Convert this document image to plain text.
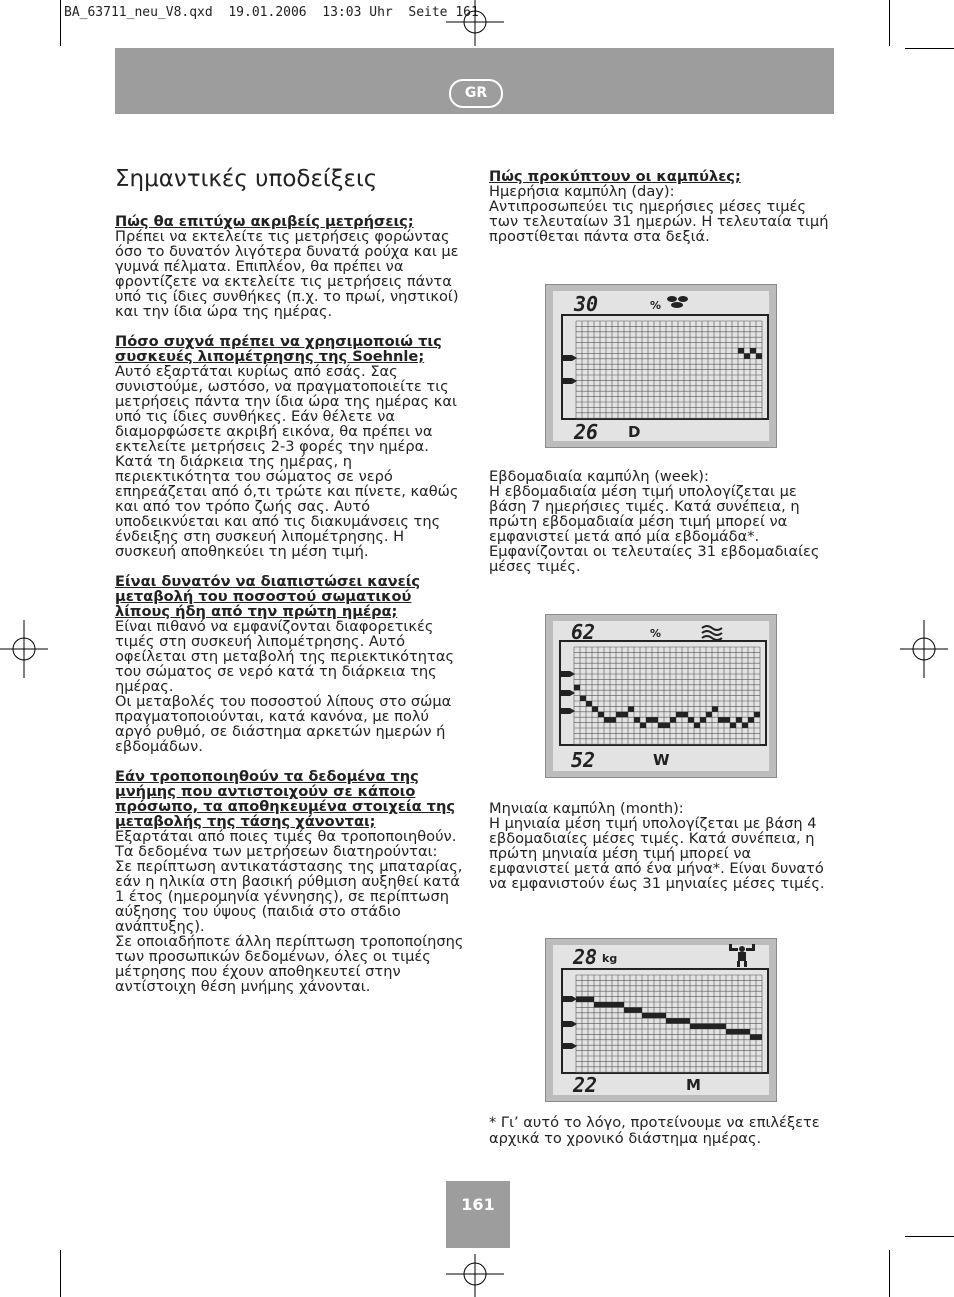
BA_63711_neu_V8.qxd  19.01.2006  13:03 Uhr  Seite 161
GR
Σημαντικές υποδείξεις

Πώς θα επιτύχω ακριβείς μετρήσεις;
Πρέπει να εκτελείτε τις μετρήσεις φορώντας όσο το δυνατόν λιγότερα δυνατά ρούχα και με γυμνά πέλματα. Επιπλέον, θα πρέπει να φροντίζετε να εκτελείτε τις μετρήσεις πάντα υπό τις ίδιες συνθήκες (π.χ. το πρωί, νηστικοί) και την ίδια ώρα της ημέρας.

Πόσο συχνά πρέπει να χρησιμοποιώ τις συσκευές λιπομέτρησης της Soehnle;
Αυτό εξαρτάται κυρίως από εσάς. Σας συνιστούμε, ωστόσο, να πραγματοποιείτε τις μετρήσεις πάντα την ίδια ώρα της ημέρας και υπό τις ίδιες συνθήκες. Εάν θέλετε να διαμορφώσετε ακριβή εικόνα, θα πρέπει να εκτελείτε μετρήσεις 2-3 φορές την ημέρα. Κατά τη διάρκεια της ημέρας, η περιεκτικότητα του σώματος σε νερό επηρεάζεται από ό,τι τρώτε και πίνετε, καθώς και από τον τρόπο ζωής σας. Αυτό υποδεικνύεται και από τις διακυμάνσεις της ένδειξης στη συσκευή λιπομέτρησης. Η συσκευή αποθηκεύει τη μέση τιμή.

Είναι δυνατόν να διαπιστώσει κανείς μεταβολή του ποσοστού σωματικού λίπους ήδη από την πρώτη ημέρα;
Είναι πιθανό να εμφανίζονται διαφορετικές τιμές στη συσκευή λιπομέτρησης. Αυτό οφείλεται στη μεταβολή της περιεκτικότητας του σώματος σε νερό κατά τη διάρκεια της ημέρας.

Οι μεταβολές του ποσοστού λίπους στο σώμα πραγματοποιούνται, κατά κανόνα, με πολύ αργό ρυθμό, σε διάστημα αρκετών ημερών ή εβδομάδων.

Εάν τροποποιηθούν τα δεδομένα της μνήμης που αντιστοιχούν σε κάποιο πρόσωπο, τα αποθηκευμένα στοιχεία της μεταβολής της τάσης χάνονται;
Εξαρτάται από ποιες τιμές θα τροποποιηθούν. Τα δεδομένα των μετρήσεων διατηρούνται:

Σε περίπτωση αντικατάστασης της μπαταρίας, εάν η ηλικία στη βασική ρύθμιση αυξηθεί κατά 1 έτος (ημερομηνία γέννησης), σε περίπτωση αύξησης του ύψους (παιδιά στο στάδιο ανάπτυξης).

Σε οποιαδήποτε άλλη περίπτωση τροποποίησης των προσωπικών δεδομένων, όλες οι τιμές μέτρησης που έχουν αποθηκευτεί στην αντίστοιχη θέση μνήμης χάνονται.

Πώς προκύπτουν οι καμπύλες;

Ημερήσια καμπύλη (day):

Αντιπροσωπεύει τις ημερήσιες μέσες τιμές των τελευταίων 31 ημερών. Η τελευταία τιμή προστίθεται πάντα στα δεξιά.

Εβδομαδιαία καμπύλη (week):

Η εβδομαδιαία μέση τιμή υπολογίζεται με βάση 7 ημερήσιες τιμές. Κατά συνέπεια, η πρώτη εβδομαδιαία μέση τιμή μπορεί να εμφανιστεί μετά από μία εβδομάδα*. Εμφανίζονται οι τελευταίες 31 εβδομαδιαίες μέσες τιμές.

Μηνιαία καμπύλη (month):

Η μηνιαία μέση τιμή υπολογίζεται με βάση 4 εβδομαδιαίες μέσες τιμές. Κατά συνέπεια, η πρώτη μηνιαία μέση τιμή μπορεί να εμφανιστεί μετά από ένα μήνα*. Είναι δυνατό να εμφανιστούν έως 31 μηνιαίες μέσες τιμές.

30	%
26 D
62	%
52	W
28 kg
22	M
* Γι’ αυτό το λόγο, προτείνουμε να επιλέξετε αρχικά το χρονικό διάστημα ημέρας.
161
